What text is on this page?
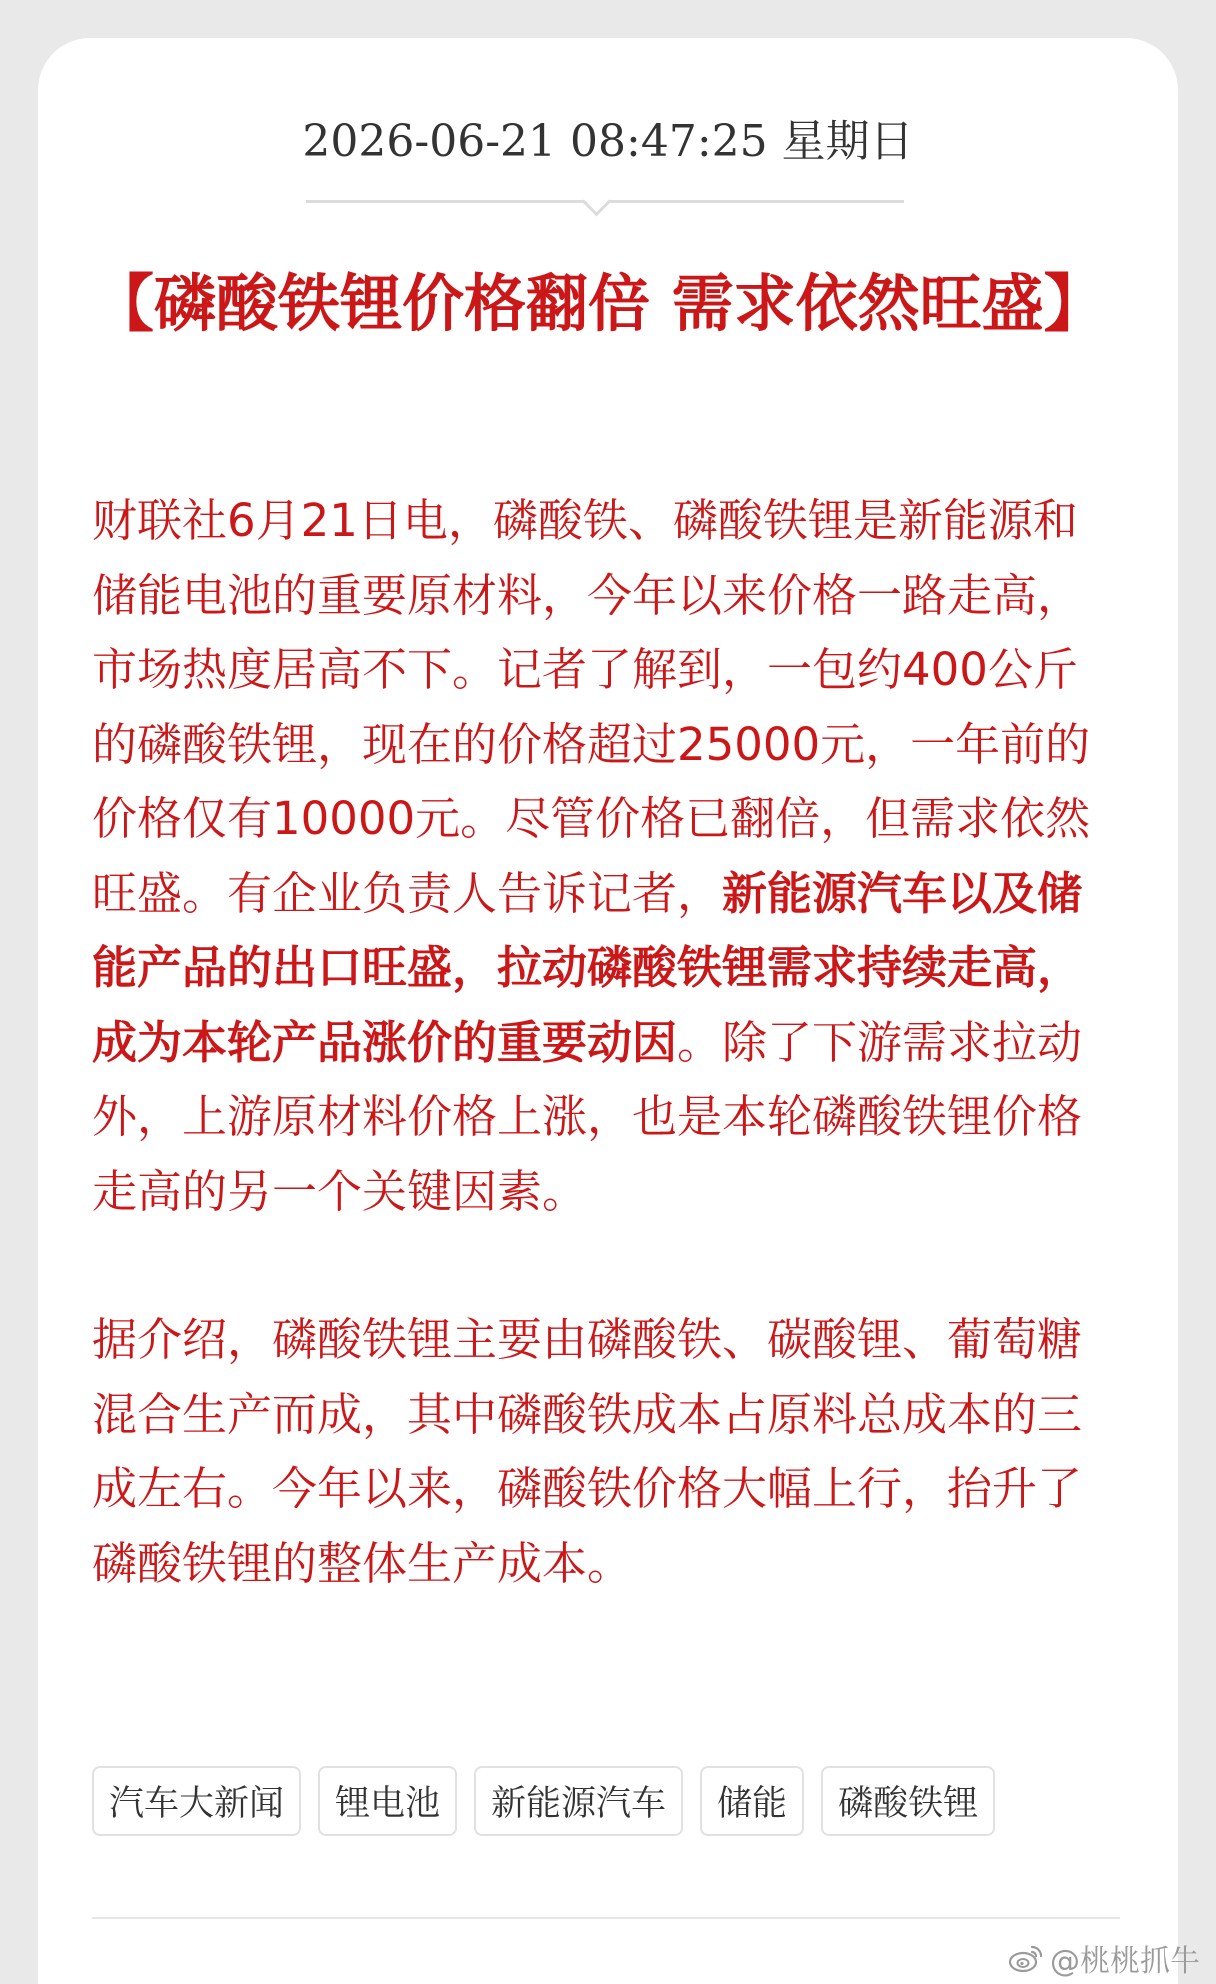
2026-06-21 08:47:25 星期日
【磷酸铁锂价格翻倍 需求依然旺盛】

财联社6月21日电，磷酸铁、磷酸铁锂是新能源和储能电池的重要原材料，今年以来价格一路走高，市场热度居高不下。记者了解到，一包约400公斤的磷酸铁锂，现在的价格超过25000元，一年前的价格仅有10000元。尽管价格已翻倍，但需求依然旺盛。有企业负责人告诉记者，新能源汽车以及储能产品的出口旺盛，拉动磷酸铁锂需求持续走高，成为本轮产品涨价的重要动因。除了下游需求拉动外，上游原材料价格上涨，也是本轮磷酸铁锂价格走高的另一个关键因素。

据介绍，磷酸铁锂主要由磷酸铁、碳酸锂、葡萄糖混合生产而成，其中磷酸铁成本占原料总成本的三成左右。今年以来，磷酸铁价格大幅上行，抬升了磷酸铁锂的整体生产成本。

汽车大新闻	锂电池	新能源汽车	储能	磷酸铁锂
@桃桃抓牛
